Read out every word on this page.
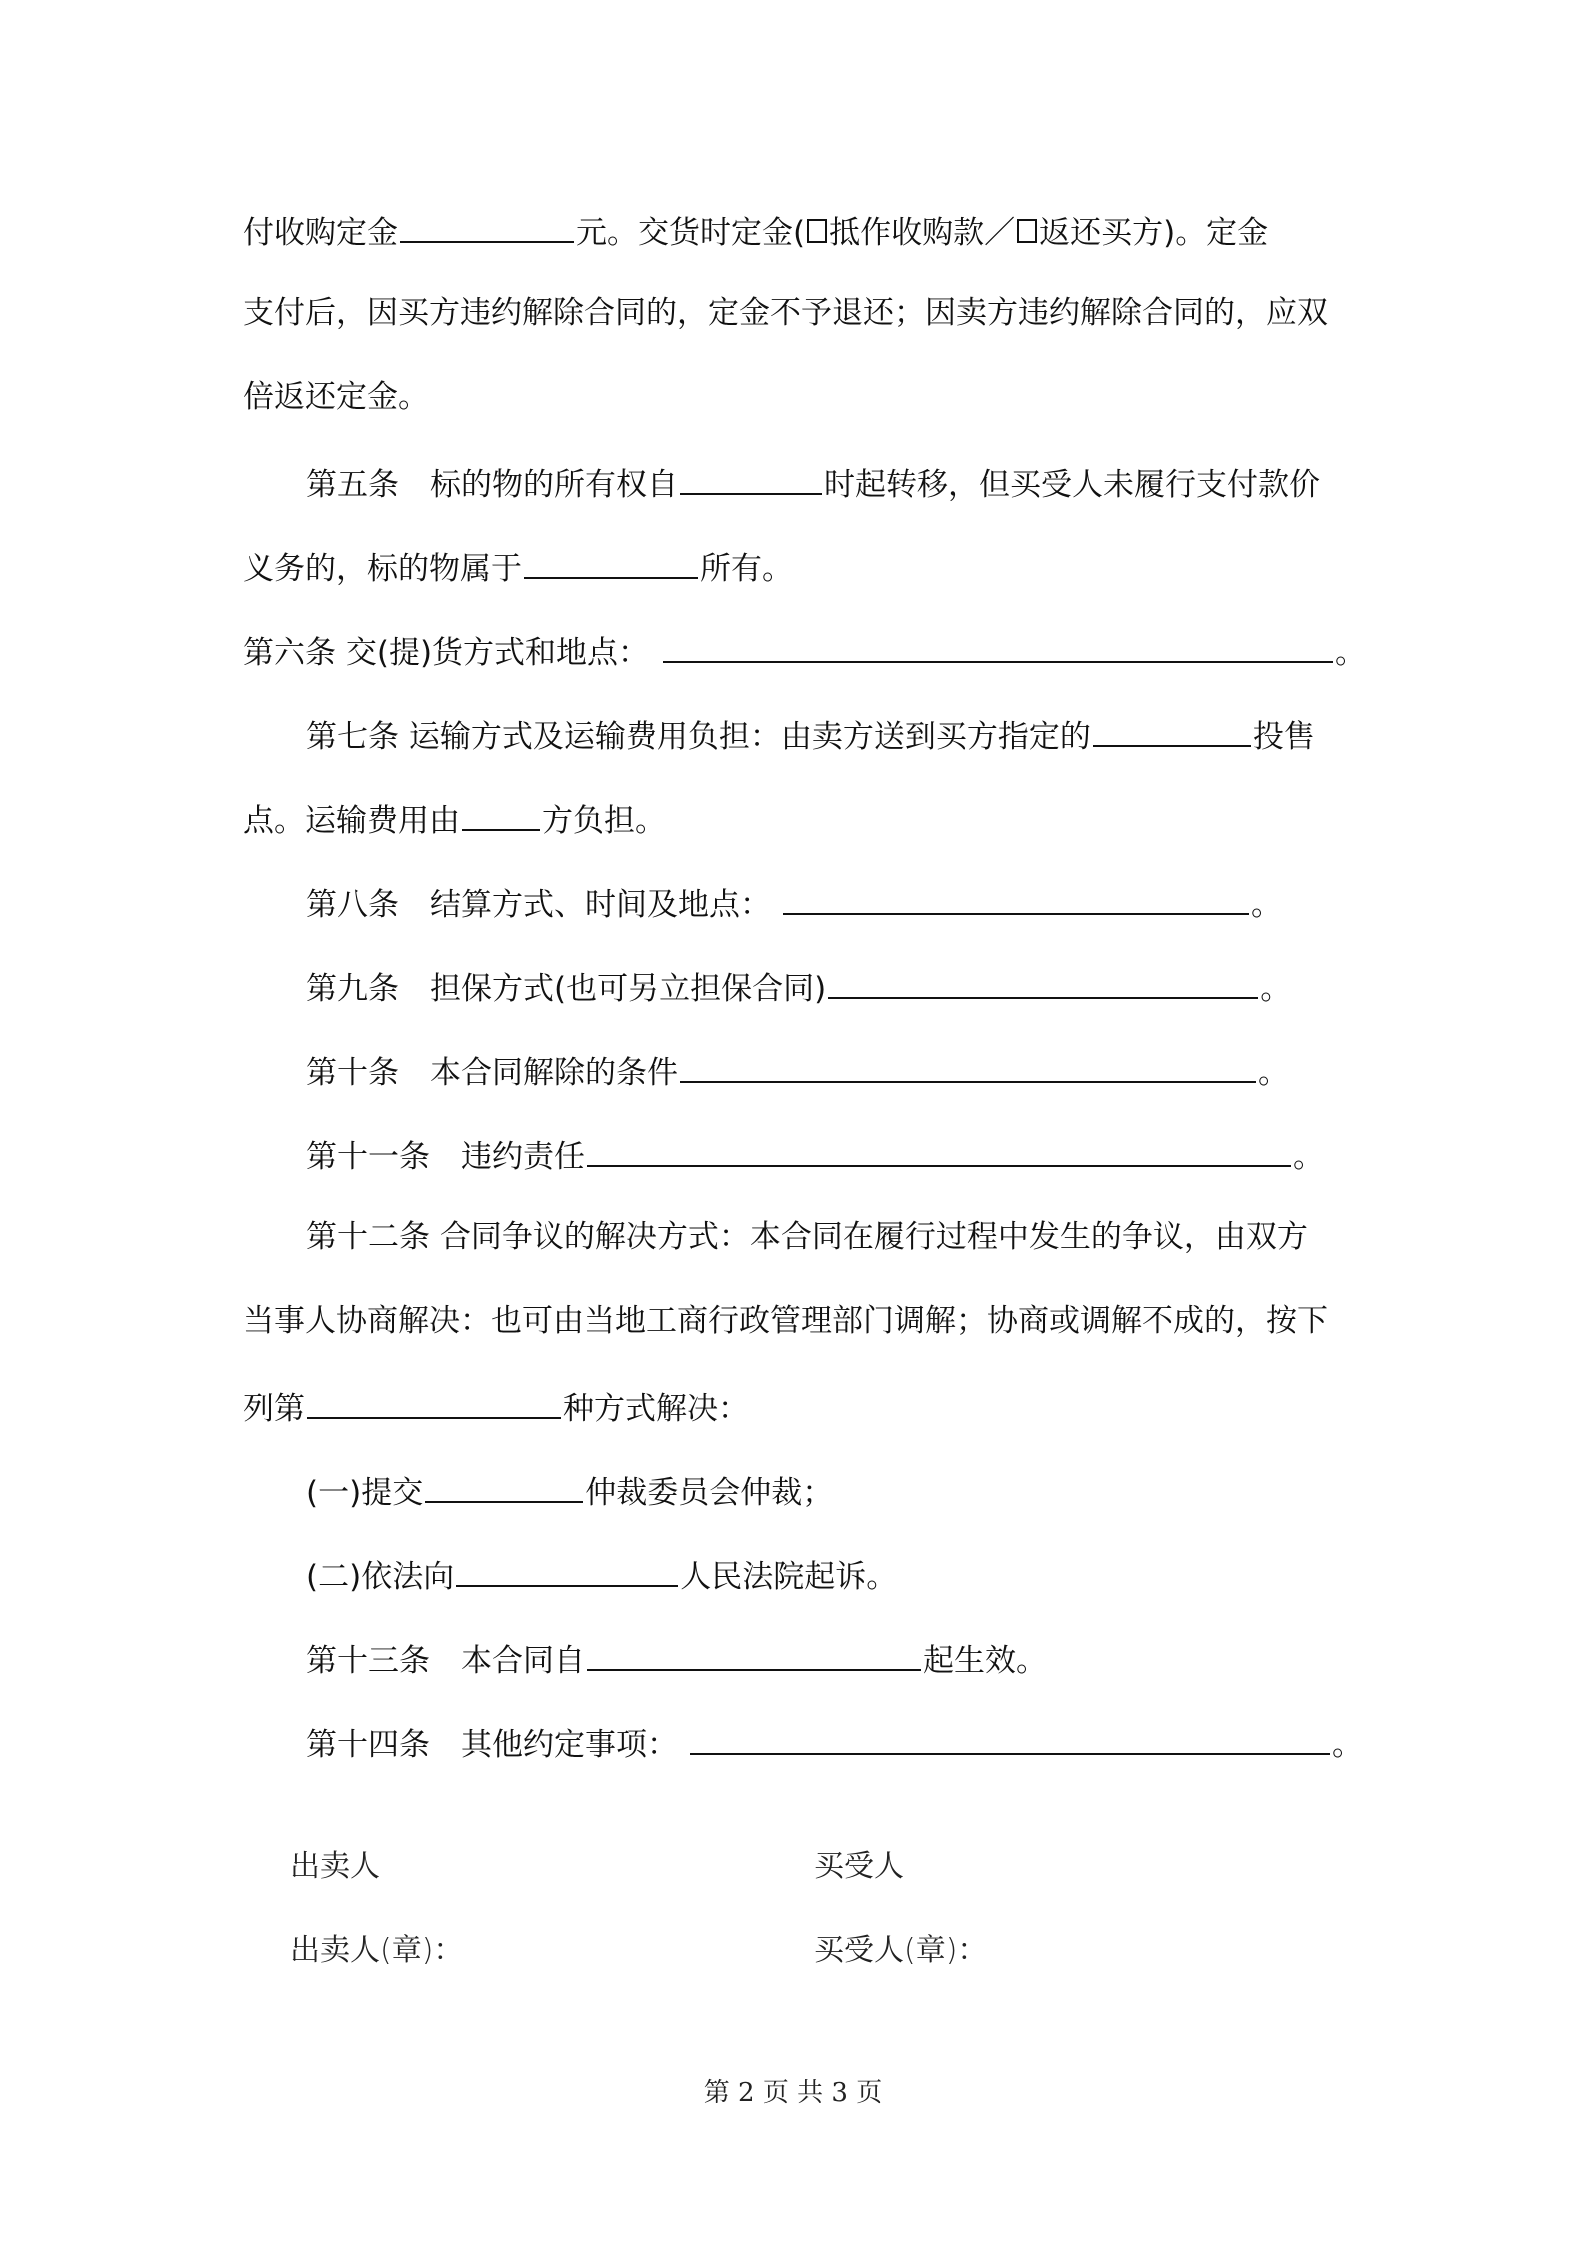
付收购定金	元。交货时定金( 抵作收购款／ 返还买方)。定金
支付后，因买方违约解除合同的，定金不予退还；因卖方违约解除合同的，应双
倍返还定金。
第五条　标的物的所有权自	时起转移，但买受人未履行支付款价
义务的，标的物属于	所有。
第六条 交(提)货方式和地点：	。
第七条 运输方式及运输费用负担：由卖方送到买方指定的	投售
点。运输费用由	方负担。
第八条　结算方式、时间及地点：	。
第九条　担保方式(也可另立担保合同)	。
第十条　本合同解除的条件	。
第十一条　违约责任	。
第十二条 合同争议的解决方式：本合同在履行过程中发生的争议，由双方
当事人协商解决：也可由当地工商行政管理部门调解；协商或调解不成的，按下
列第	种方式解决：
(一)提交	仲裁委员会仲裁；
(二)依法向	人民法院起诉。
第十三条　本合同自	起生效。
第十四条　其他约定事项：	。
出卖人	买受人
出卖人(章)：	买受人(章)：
第 2 页 共 3 页
